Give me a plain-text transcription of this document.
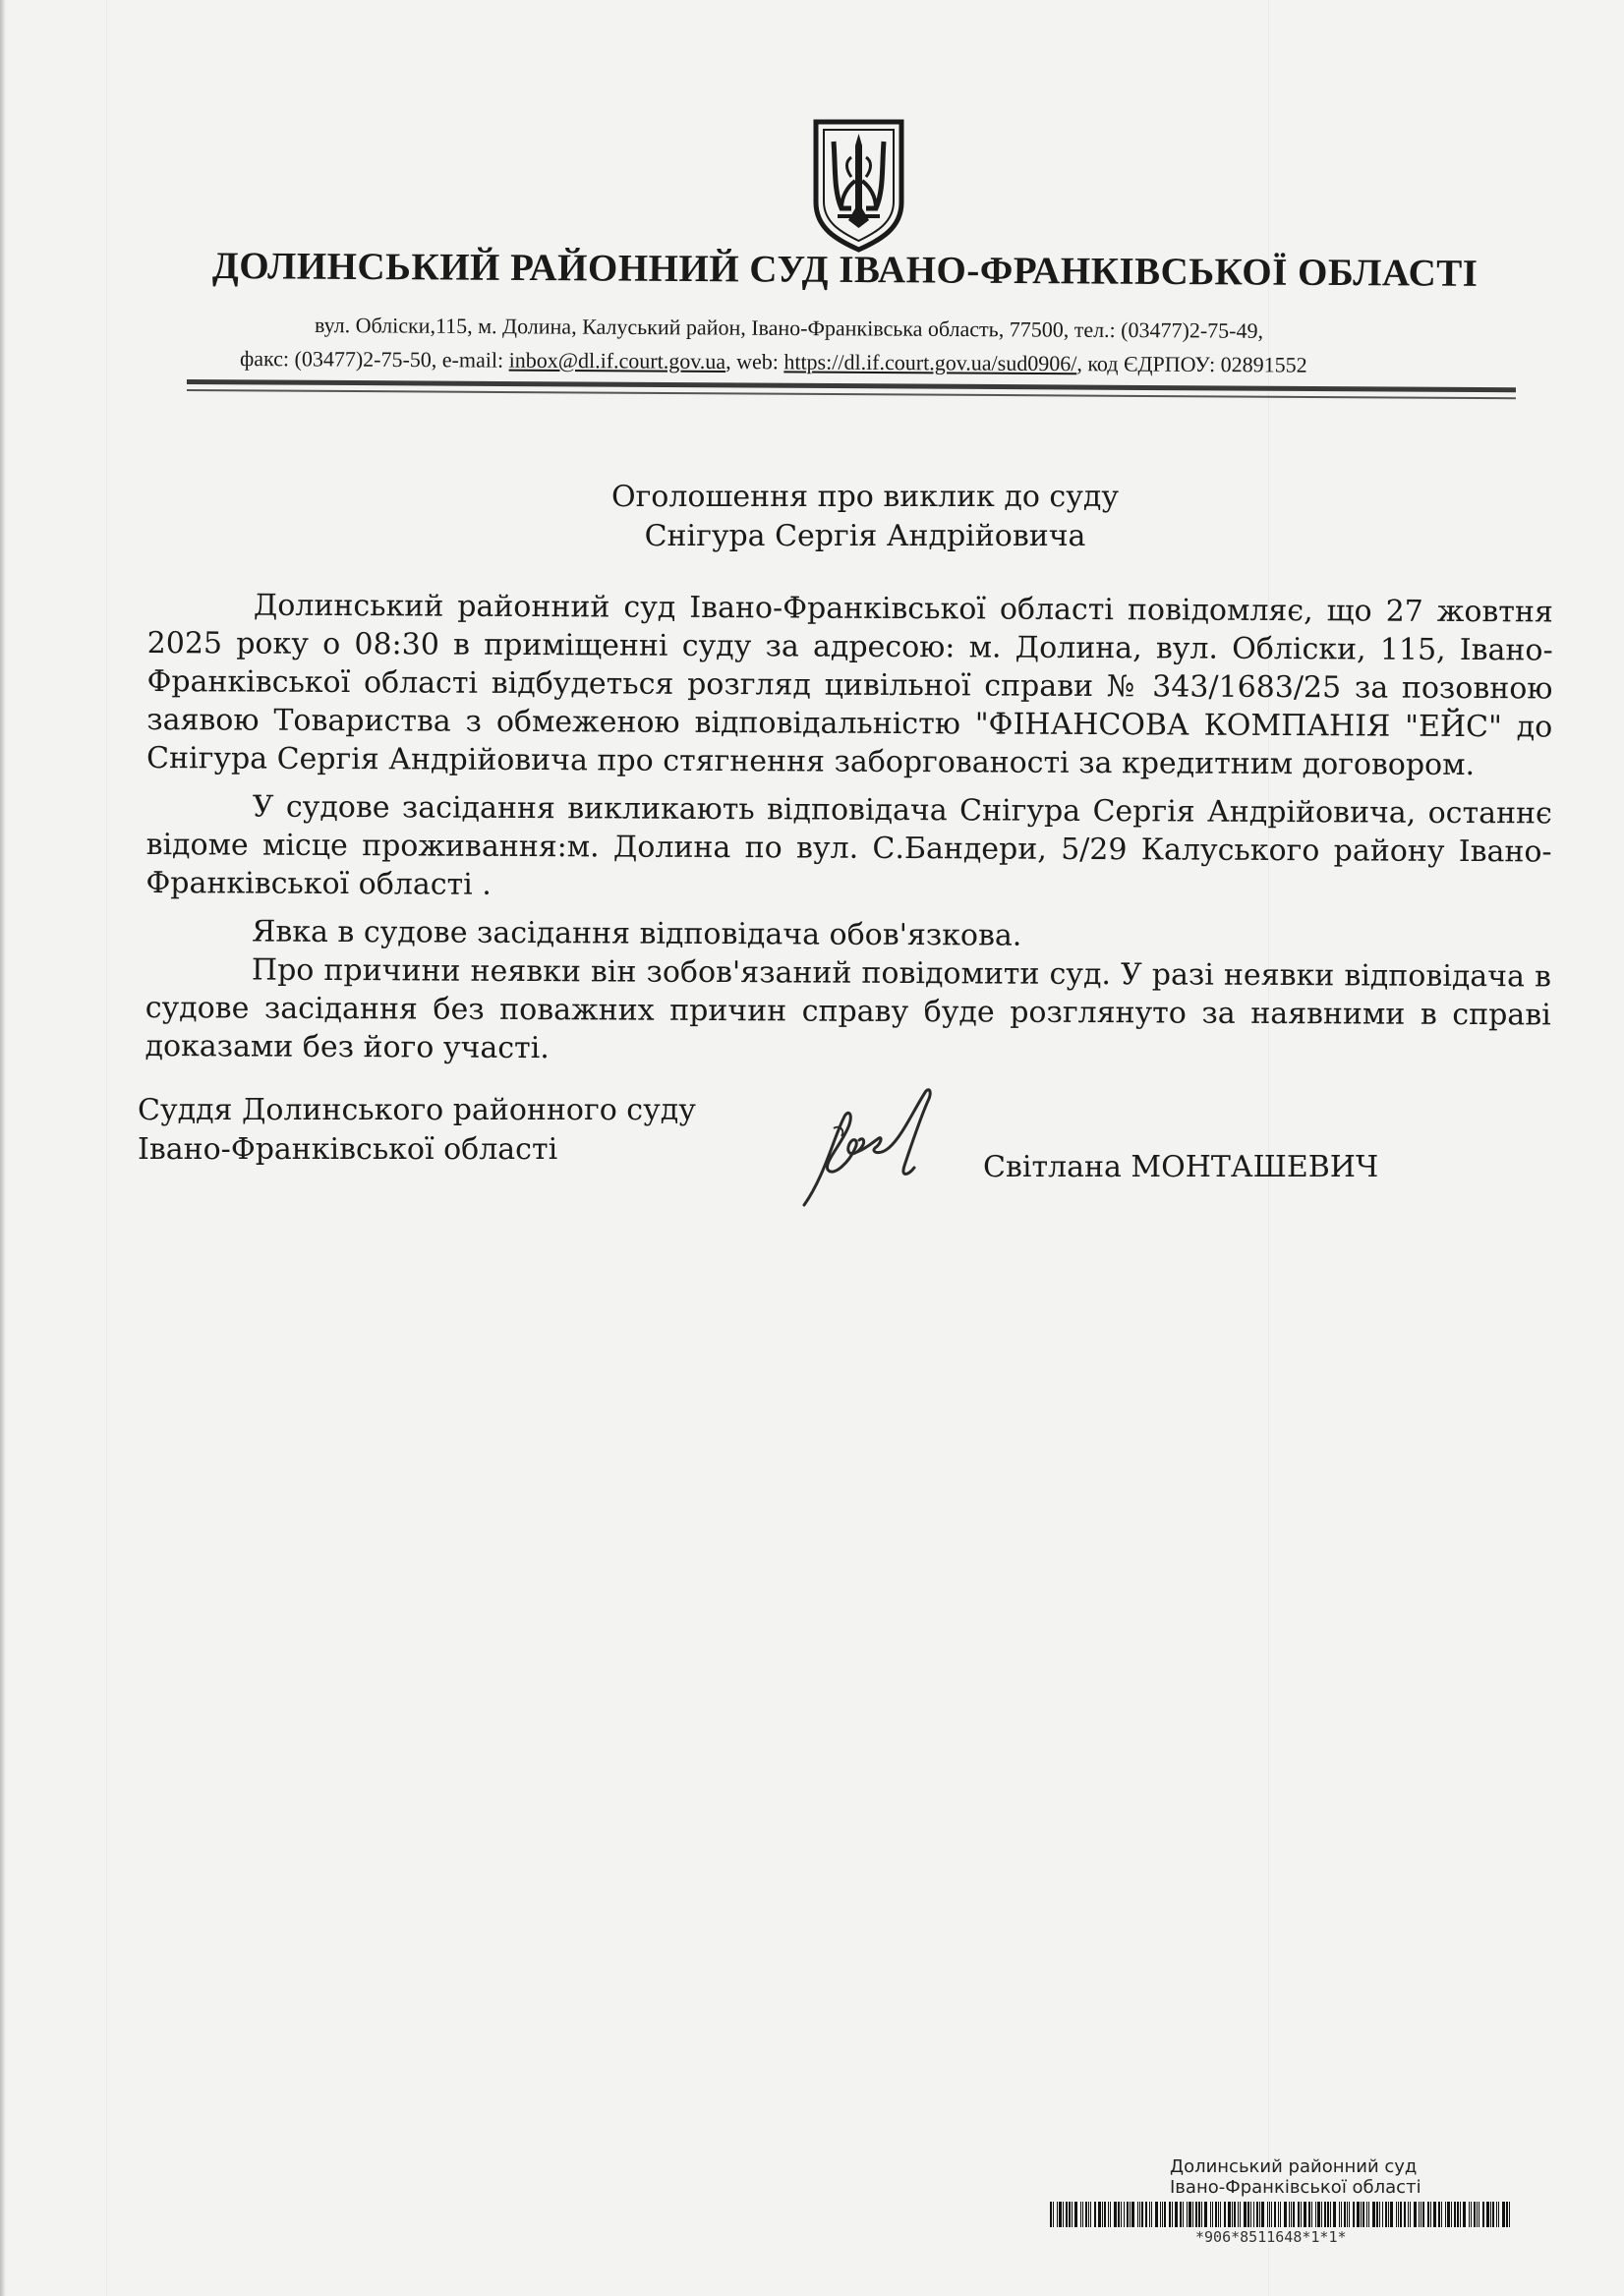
ДОЛИНСЬКИЙ РАЙОННИЙ СУД ІВАНО-ФРАНКІВСЬКОЇ ОБЛАСТІ
вул. Обліски,115, м. Долина, Калуський район, Івано-Франківська область, 77500, тел.: (03477)2-75-49,
факс: (03477)2-75-50, e-mail: inbox@dl.if.court.gov.ua, web: https://dl.if.court.gov.ua/sud0906/, код ЄДРПОУ: 02891552
Оголошення про виклик до суду
Снігура Сергія Андрійовича

Долинський районний суд Івано-Франківської області повідомляє, що 27 жовтня 2025 року о 08:30 в приміщенні суду за адресою: м. Долина, вул. Обліски, 115, Івано-Франківської області відбудеться розгляд цивільної справи № 343/1683/25 за позовною заявою Товариства з обмеженою відповідальністю "ФІНАНСОВА КОМПАНІЯ "ЕЙС" до Снігура Сергія Андрійовича про стягнення заборгованості за кредитним договором.

У судове засідання викликають відповідача Снігура Сергія Андрійовича, останнє відоме місце проживання:м. Долина по вул. С.Бандери, 5/29 Калуського району Івано-Франківської області .

Явка в судове засідання відповідача обов'язкова.

Про причини неявки він зобов'язаний повідомити суд. У разі неявки відповідача в судове засідання без поважних причин справу буде розглянуто за наявними в справі доказами без його участі.

Суддя Долинського районного суду
Івано-Франківської області
Світлана МОНТАШЕВИЧ
Долинський районний суд
Івано-Франківської області
*906*8511648*1*1*
